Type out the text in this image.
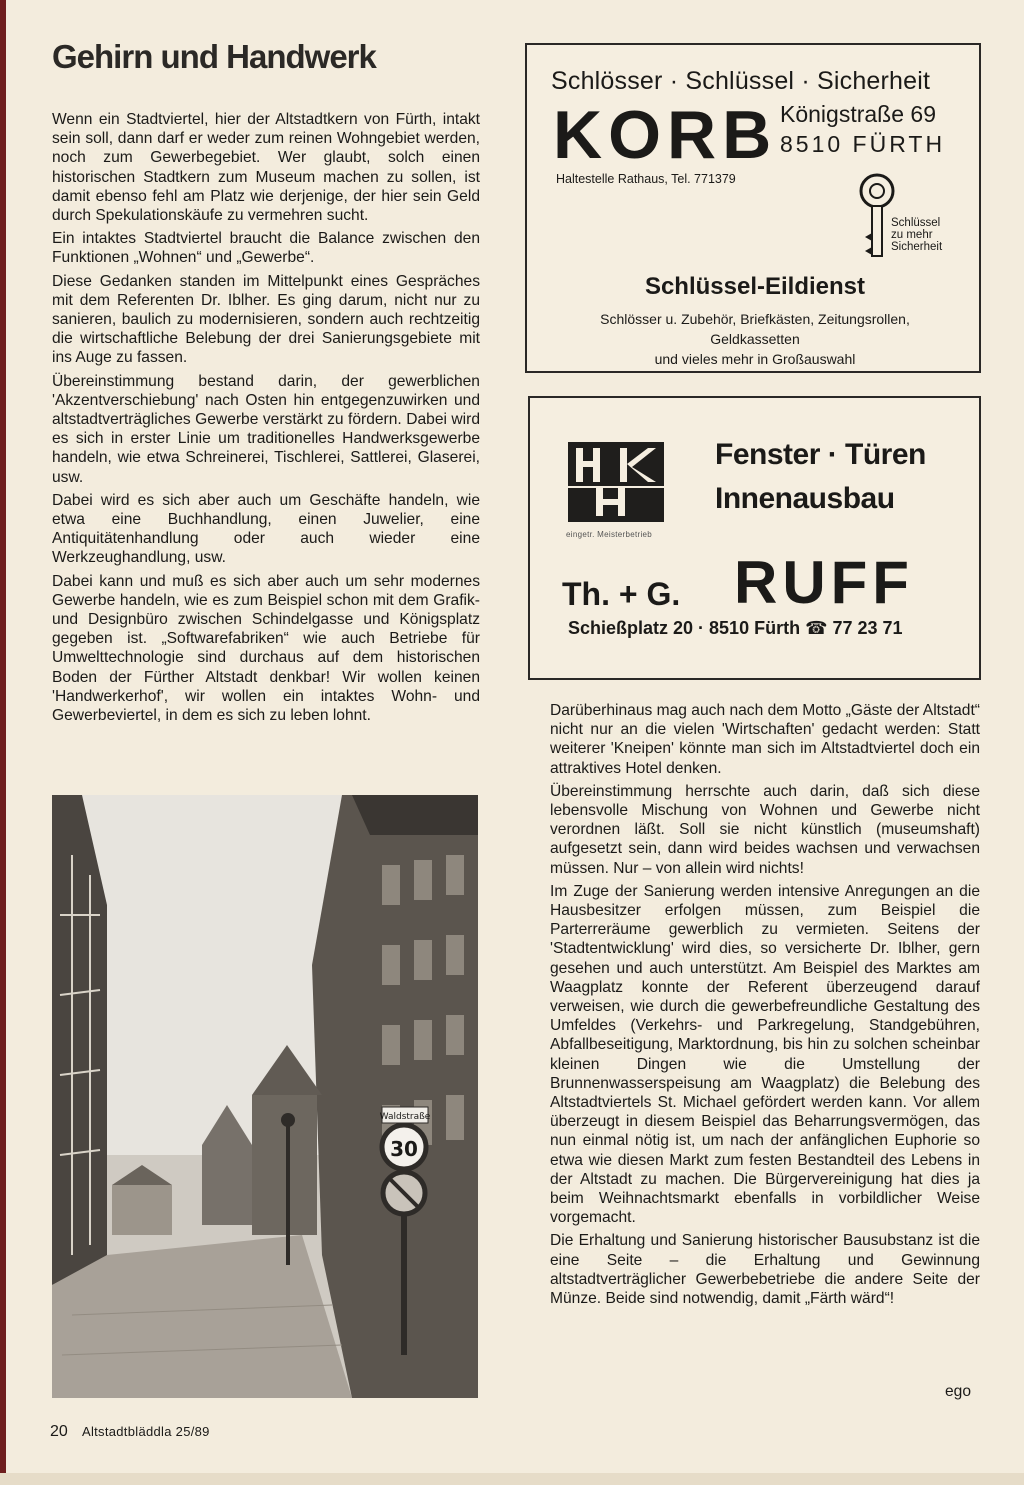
Gehirn und Handwerk

Wenn ein Stadtviertel, hier der Altstadtkern von Fürth, intakt sein soll, dann darf er weder zum reinen Wohngebiet werden, noch zum Gewerbegebiet. Wer glaubt, solch einen historischen Stadtkern zum Museum machen zu sollen, ist damit ebenso fehl am Platz wie derjenige, der hier sein Geld durch Spekulationskäufe zu vermehren sucht.

Ein intaktes Stadtviertel braucht die Balance zwischen den Funktionen „Wohnen“ und „Gewerbe“.

Diese Gedanken standen im Mittelpunkt eines Gespräches mit dem Referenten Dr. Iblher. Es ging darum, nicht nur zu sanieren, baulich zu modernisieren, sondern auch rechtzeitig die wirtschaftliche Belebung der drei Sanierungsgebiete mit ins Auge zu fassen.

Übereinstimmung bestand darin, der gewerblichen 'Akzentverschiebung' nach Osten hin entgegenzuwirken und altstadtverträgliches Gewerbe verstärkt zu fördern. Dabei wird es sich in erster Linie um traditionelles Handwerksgewerbe handeln, wie etwa Schreinerei, Tischlerei, Sattlerei, Glaserei, usw.

Dabei wird es sich aber auch um Geschäfte handeln, wie etwa eine Buchhandlung, einen Juwelier, eine Antiquitätenhandlung oder auch wieder eine Werkzeughandlung, usw.

Dabei kann und muß es sich aber auch um sehr modernes Gewerbe handeln, wie es zum Beispiel schon mit dem Grafik- und Designbüro zwischen Schindelgasse und Königsplatz gegeben ist. „Softwarefabriken“ wie auch Betriebe für Umwelttechnologie sind durchaus auf dem historischen Boden der Fürther Altstadt denkbar! Wir wollen keinen 'Handwerkerhof', wir wollen ein intaktes Wohn- und Gewerbeviertel, in dem es sich zu leben lohnt.

Waldstraße
30
20 Altstadtbläddla 25/89
Schlösser · Schlüssel · Sicherheit
KORB Königstraße 69
8510 FÜRTH
Haltestelle Rathaus, Tel. 771379
Schlüssel
zu mehr
Sicherheit
Schlüssel-Eildienst
Schlösser u. Zubehör, Briefkästen, Zeitungsrollen,
Geldkassetten
und vieles mehr in Großauswahl
eingetr. Meisterbetrieb
Fenster · Türen
Innenausbau
Th. + G. RUFF
Schießplatz 20 · 8510 Fürth ☎ 77 23 71

Darüberhinaus mag auch nach dem Motto „Gäste der Altstadt“ nicht nur an die vielen 'Wirtschaften' gedacht werden: Statt weiterer 'Kneipen' könnte man sich im Altstadtviertel doch ein attraktives Hotel denken.

Übereinstimmung herrschte auch darin, daß sich diese lebensvolle Mischung von Wohnen und Gewerbe nicht verordnen läßt. Soll sie nicht künstlich (museumshaft) aufgesetzt sein, dann wird beides wachsen und verwachsen müssen. Nur – von allein wird nichts!

Im Zuge der Sanierung werden intensive Anregungen an die Hausbesitzer erfolgen müssen, zum Beispiel die Parterreräume gewerblich zu vermieten. Seitens der 'Stadtentwicklung' wird dies, so versicherte Dr. Iblher, gern gesehen und auch unterstützt. Am Beispiel des Marktes am Waagplatz konnte der Referent überzeugend darauf verweisen, wie durch die gewerbefreundliche Gestaltung des Umfeldes (Verkehrs- und Parkregelung, Standgebühren, Abfallbeseitigung, Marktordnung, bis hin zu solchen scheinbar kleinen Dingen wie die Umstellung der Brunnenwasserspeisung am Waagplatz) die Belebung des Altstadtviertels St. Michael gefördert werden kann. Vor allem überzeugt in diesem Beispiel das Beharrungsvermögen, das nun einmal nötig ist, um nach der anfänglichen Euphorie so etwa wie diesen Markt zum festen Bestandteil des Lebens in der Altstadt zu machen. Die Bürgervereinigung hat dies ja beim Weihnachtsmarkt ebenfalls in vorbildlicher Weise vorgemacht.

Die Erhaltung und Sanierung historischer Bausubstanz ist die eine Seite – die Erhaltung und Gewinnung altstadtverträglicher Gewerbebetriebe die andere Seite der Münze. Beide sind notwendig, damit „Färth wärd“!

ego
